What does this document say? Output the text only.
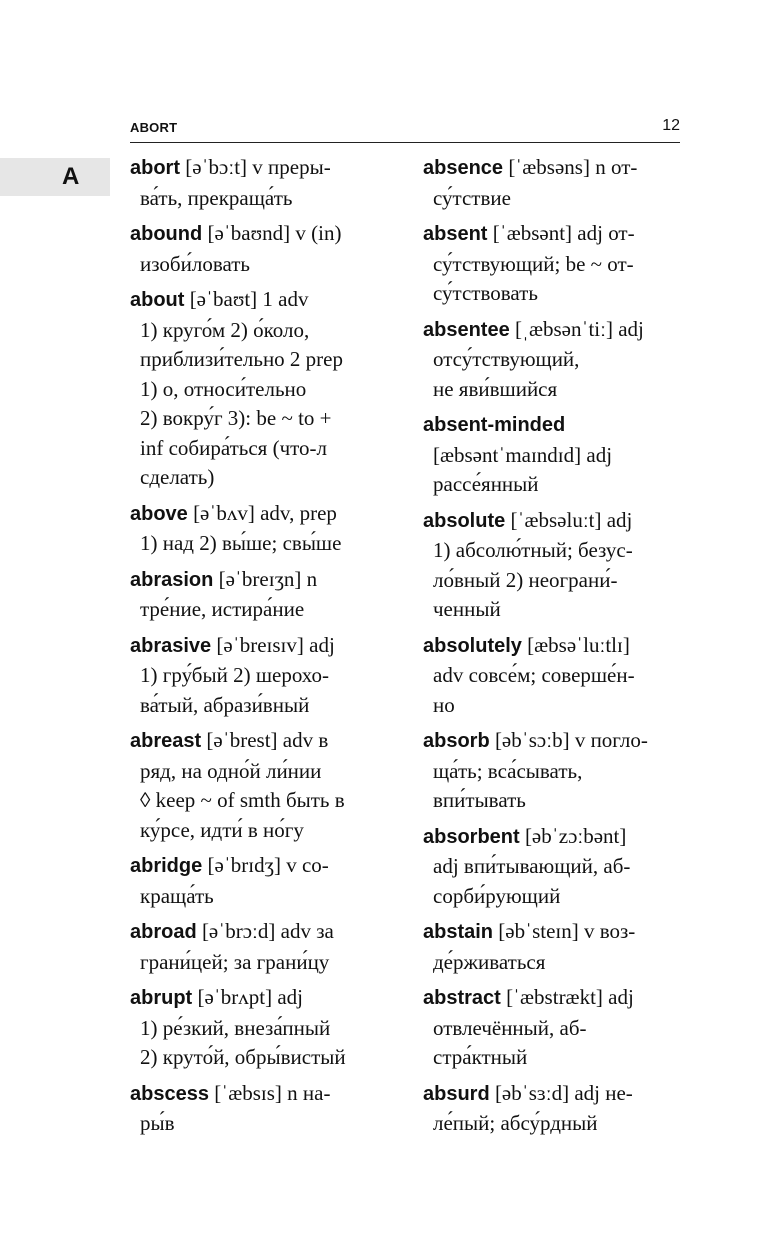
A
ABORT	12
abort [əˈbɔːt] v преры-
ва́ть, прекраща́ть
abound [əˈbaʊnd] v (in)
изоби́ловать
about [əˈbaʊt] 1 adv
1) круго́м 2) о́коло,
приблизи́тельно 2 prep
1) о, относи́тельно
2) вокру́г 3): be ~ to +
inf собира́ться (что-л
сделать)
above [əˈbʌv] adv, prep
1) над 2) вы́ше; свы́ше
abrasion [əˈbreɪʒn] n
тре́ние, истира́ние
abrasive [əˈbreɪsɪv] adj
1) гру́бый 2) шерохо-
ва́тый, абрази́вный
abreast [əˈbrest] adv в
ряд, на одно́й ли́нии
◊ keep ~ of smth быть в
ку́рсе, идти́ в но́гу
abridge [əˈbrɪdʒ] v со-
краща́ть
abroad [əˈbrɔːd] adv за
грани́цей; за грани́цу
abrupt [əˈbrʌpt] adj
1) ре́зкий, внеза́пный
2) круто́й, обры́вистый
abscess [ˈæbsɪs] n на-
ры́в
absence [ˈæbsəns] n от-
су́тствие
absent [ˈæbsənt] adj от-
су́тствующий; be ~ от-
су́тствовать
absentee [ˌæbsənˈtiː] adj
отсу́тствующий,
не яви́вшийся
absent-minded
[æbsəntˈmaɪndɪd] adj
рассе́янный
absolute [ˈæbsəluːt] adj
1) абсолю́тный; безус-
ло́вный 2) неограни́-
ченный
absolutely [æbsəˈluːtlɪ]
adv совсе́м; соверше́н-
но
absorb [əbˈsɔːb] v погло-
ща́ть; вса́сывать,
впи́тывать
absorbent [əbˈzɔːbənt]
adj впи́тывающий, аб-
сорби́рующий
abstain [əbˈsteɪn] v воз-
де́рживаться
abstract [ˈæbstrækt] adj
отвлечённый, аб-
стра́ктный
absurd [əbˈsɜːd] adj не-
ле́пый; абсу́рдный
